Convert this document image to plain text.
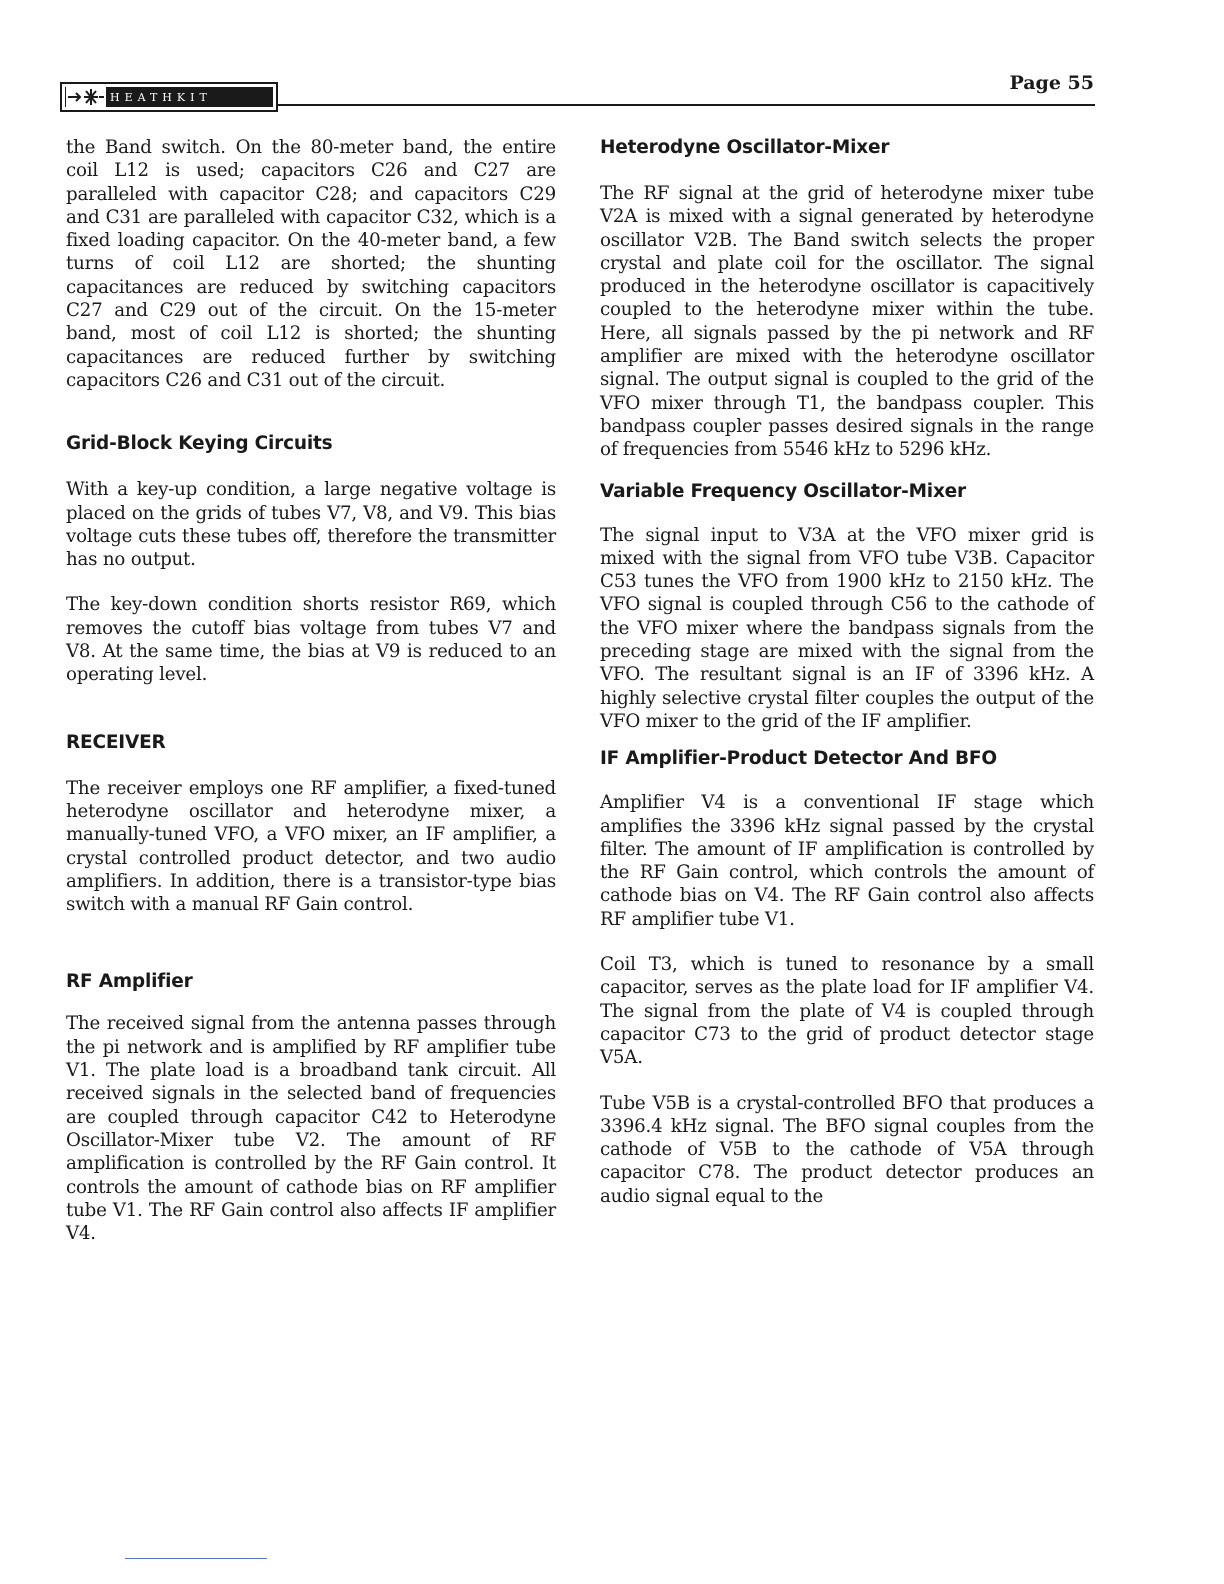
HEATHKIT
Page 55

the Band switch. On the 80-meter band, the entire coil L12 is used; capacitors C26 and C27 are paralleled with capacitor C28; and capacitors C29 and C31 are paralleled with capacitor C32, which is a fixed loading capacitor. On the 40-meter band, a few turns of coil L12 are shorted; the shunting capacitances are reduced by switching capacitors C27 and C29 out of the circuit. On the 15-meter band, most of coil L12 is shorted; the shunting capacitances are reduced further by switching capacitors C26 and C31 out of the circuit.

Grid-Block Keying Circuits

With a key-up condition, a large negative voltage is placed on the grids of tubes V7, V8, and V9. This bias voltage cuts these tubes off, therefore the transmitter has no output.

The key-down condition shorts resistor R69, which removes the cutoff bias voltage from tubes V7 and V8. At the same time, the bias at V9 is reduced to an operating level.

RECEIVER

The receiver employs one RF amplifier, a fixed-tuned heterodyne oscillator and heterodyne mixer, a manually-tuned VFO, a VFO mixer, an IF amplifier, a crystal controlled product detector, and two audio amplifiers. In addition, there is a transistor-type bias switch with a manual RF Gain control.

RF Amplifier

The received signal from the antenna passes through the pi network and is amplified by RF amplifier tube V1. The plate load is a broadband tank circuit. All received signals in the selected band of frequencies are coupled through capacitor C42 to Heterodyne Oscillator-Mixer tube V2. The amount of RF amplification is controlled by the RF Gain control. It controls the amount of cathode bias on RF amplifier tube V1. The RF Gain control also affects IF amplifier V4.

Heterodyne Oscillator-Mixer

The RF signal at the grid of heterodyne mixer tube V2A is mixed with a signal generated by heterodyne oscillator V2B. The Band switch selects the proper crystal and plate coil for the oscillator. The signal produced in the heterodyne oscillator is capacitively coupled to the heterodyne mixer within the tube. Here, all signals passed by the pi network and RF amplifier are mixed with the heterodyne oscillator signal. The output signal is coupled to the grid of the VFO mixer through T1, the bandpass coupler. This bandpass coupler passes desired signals in the range of frequencies from 5546 kHz to 5296 kHz.

Variable Frequency Oscillator-Mixer

The signal input to V3A at the VFO mixer grid is mixed with the signal from VFO tube V3B. Capacitor C53 tunes the VFO from 1900 kHz to 2150 kHz. The VFO signal is coupled through C56 to the cathode of the VFO mixer where the bandpass signals from the preceding stage are mixed with the signal from the VFO. The resultant signal is an IF of 3396 kHz. A highly selective crystal filter couples the output of the VFO mixer to the grid of the IF amplifier.

IF Amplifier-Product Detector And BFO

Amplifier V4 is a conventional IF stage which amplifies the 3396 kHz signal passed by the crystal filter. The amount of IF amplification is controlled by the RF Gain control, which controls the amount of cathode bias on V4. The RF Gain control also affects RF amplifier tube V1.

Coil T3, which is tuned to resonance by a small capacitor, serves as the plate load for IF amplifier V4. The signal from the plate of V4 is coupled through capacitor C73 to the grid of product detector stage V5A.

Tube V5B is a crystal-controlled BFO that produces a 3396.4 kHz signal. The BFO signal couples from the cathode of V5B to the cathode of V5A through capacitor C78. The product detector produces an audio signal equal to the
